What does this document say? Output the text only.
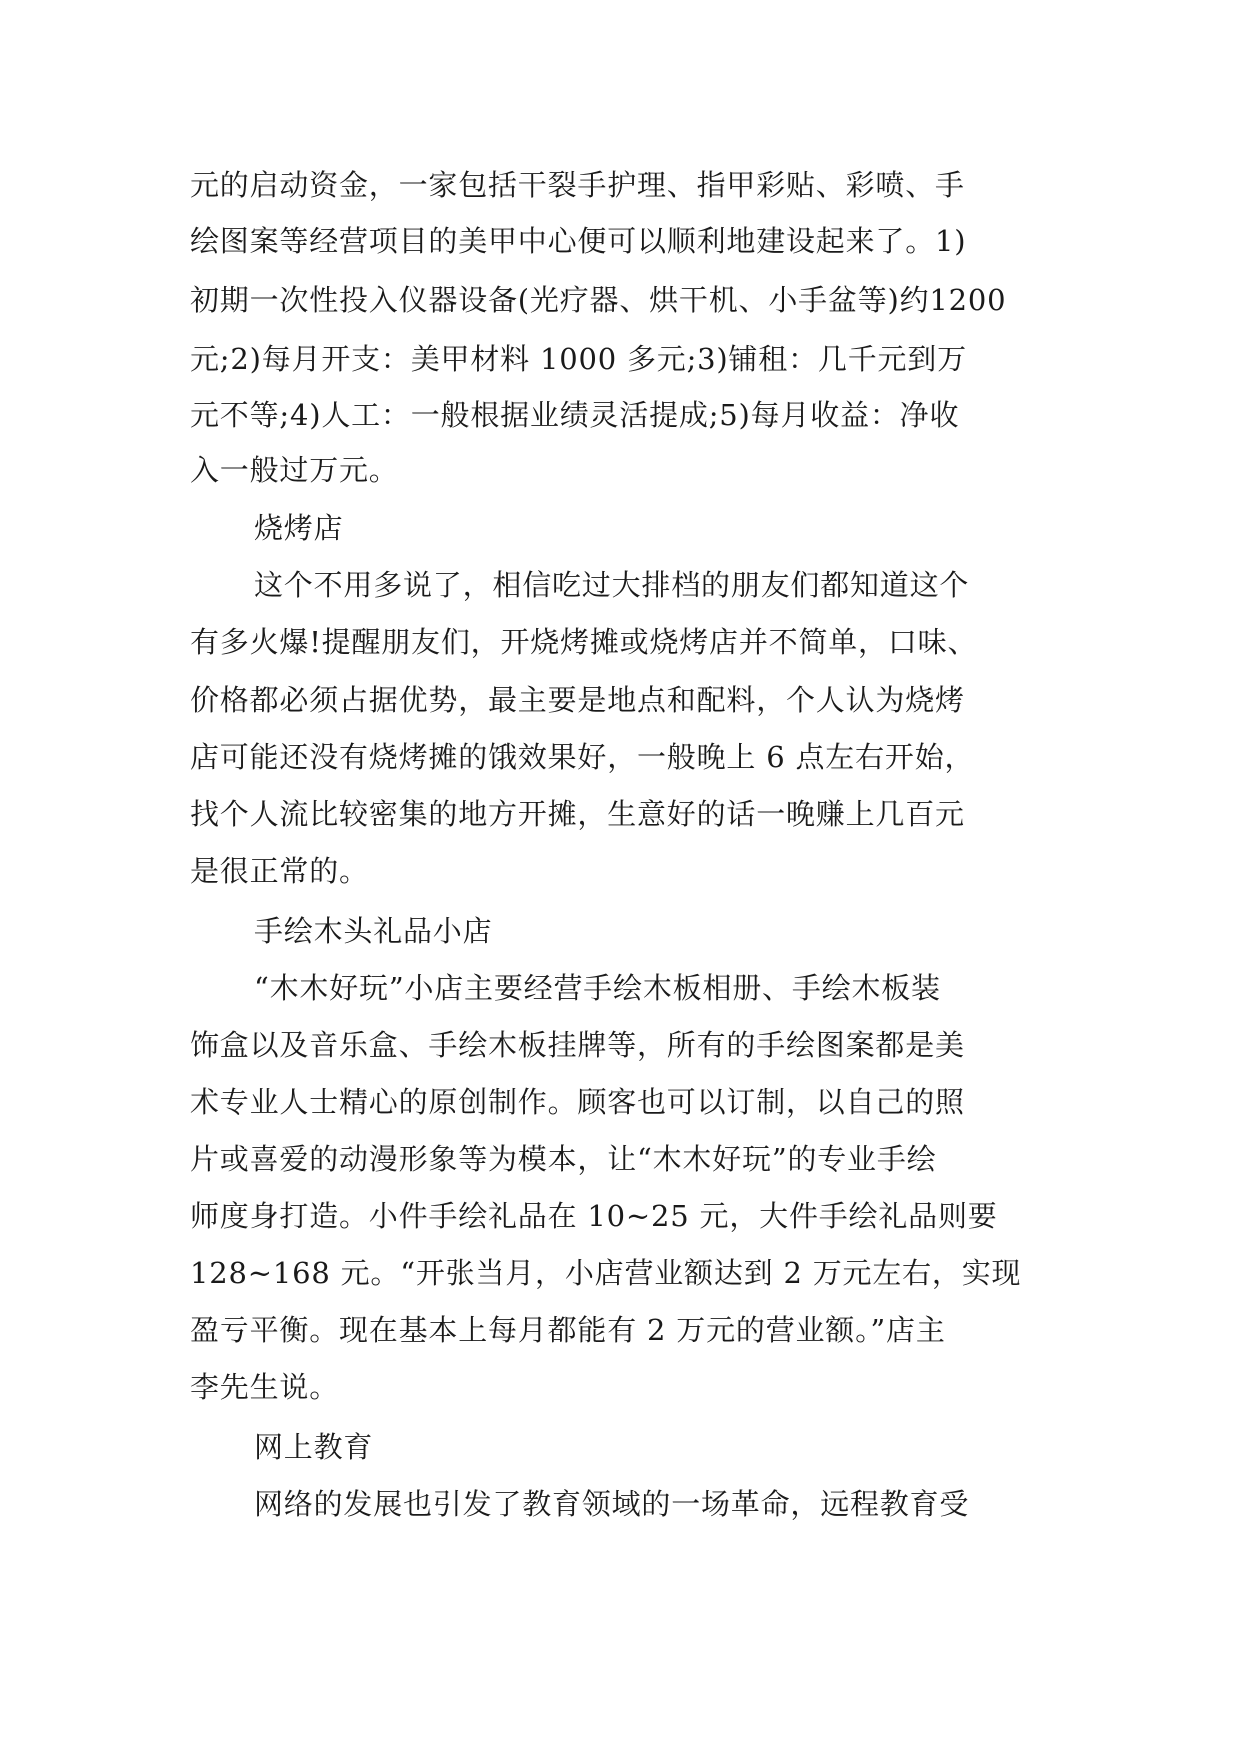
元的启动资金，一家包括干裂手护理、指甲彩贴、彩喷、手

绘图案等经营项目的美甲中心便可以顺利地建设起来了。1)

初期一次性投入仪器设备(光疗器、烘干机、小手盆等)约1200

元;2)每月开支：美甲材料 1000 多元;3)铺租：几千元到万

元不等;4)人工：一般根据业绩灵活提成;5)每月收益：净收

入一般过万元。

烧烤店

这个不用多说了，相信吃过大排档的朋友们都知道这个

有多火爆!提醒朋友们，开烧烤摊或烧烤店并不简单，口味、

价格都必须占据优势，最主要是地点和配料，个人认为烧烤

店可能还没有烧烤摊的饿效果好，一般晚上 6 点左右开始，

找个人流比较密集的地方开摊，生意好的话一晚赚上几百元

是很正常的。

手绘木头礼品小店

“木木好玩”小店主要经营手绘木板相册、手绘木板装

饰盒以及音乐盒、手绘木板挂牌等，所有的手绘图案都是美

术专业人士精心的原创制作。顾客也可以订制，以自己的照

片或喜爱的动漫形象等为模本，让“木木好玩”的专业手绘

师度身打造。小件手绘礼品在 10~25 元，大件手绘礼品则要

128~168 元。“开张当月，小店营业额达到 2 万元左右，实现

盈亏平衡。现在基本上每月都能有 2 万元的营业额。”店主

李先生说。

网上教育

网络的发展也引发了教育领域的一场革命，远程教育受
